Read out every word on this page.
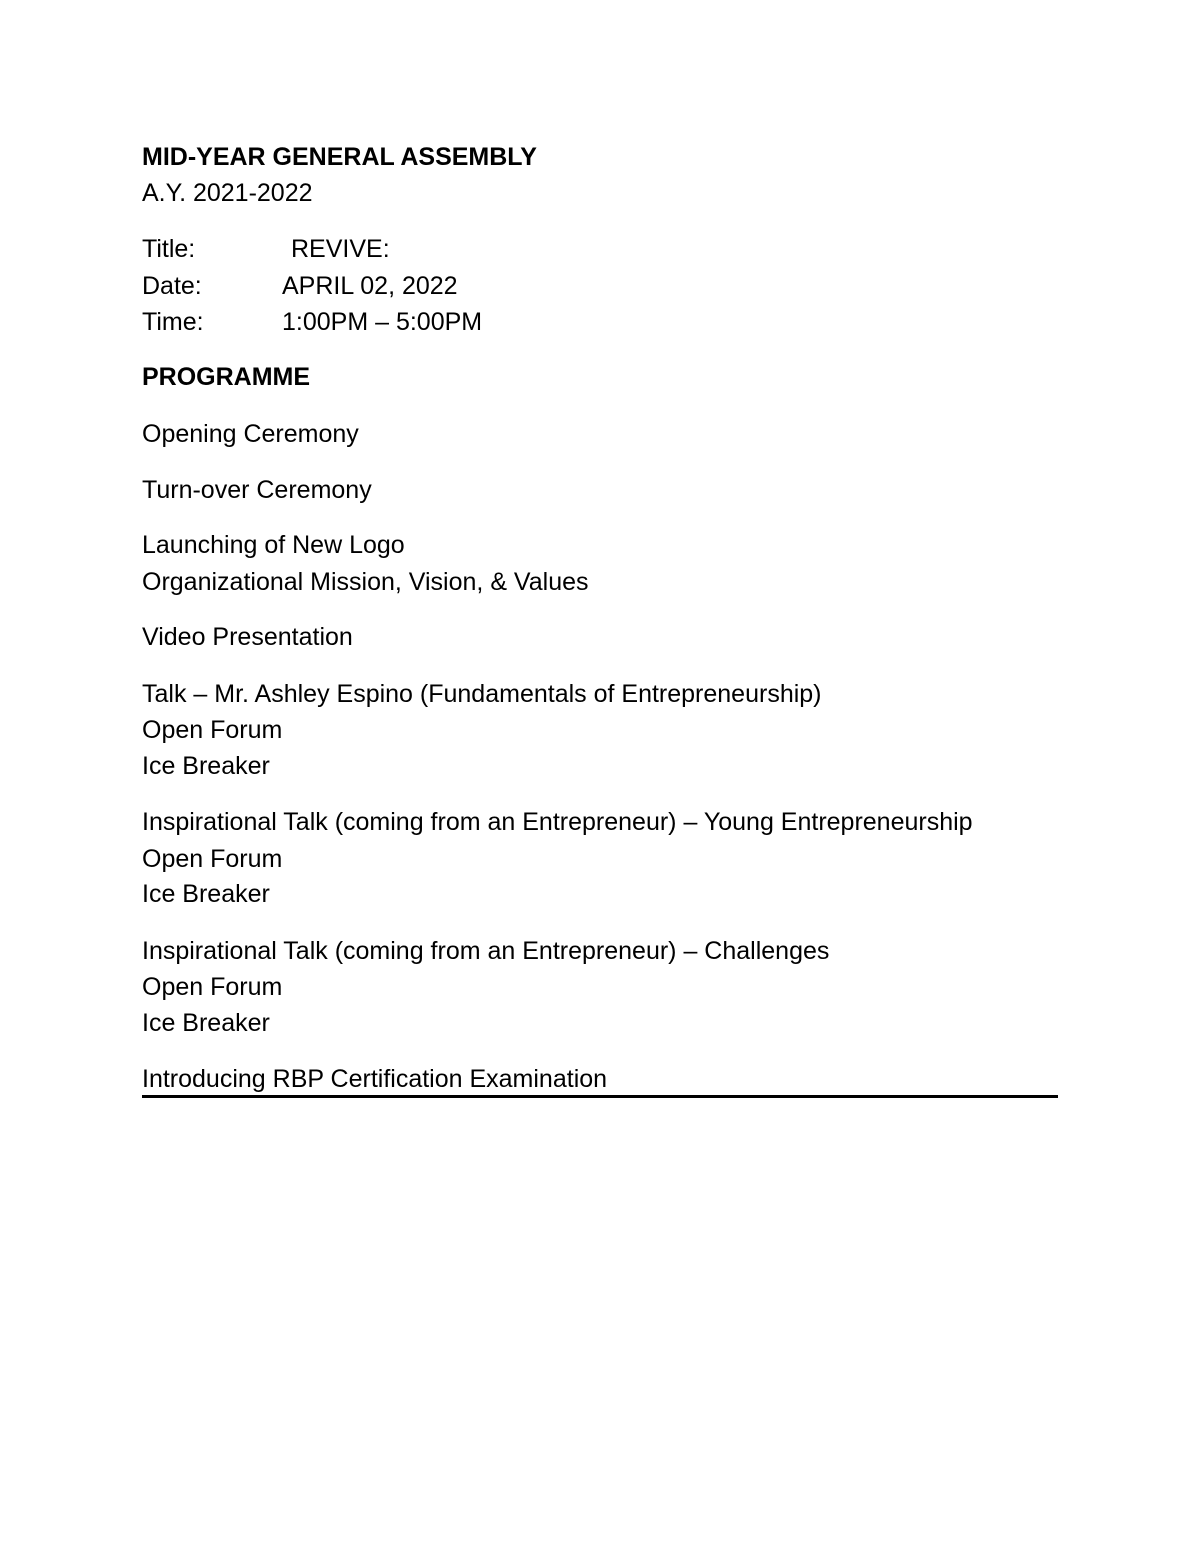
MID-YEAR GENERAL ASSEMBLY
A.Y. 2021-2022
Title:	REVIVE:
Date:	APRIL 02, 2022
Time:	1:00PM – 5:00PM
PROGRAMME
Opening Ceremony
Turn-over Ceremony
Launching of New Logo
Organizational Mission, Vision, & Values
Video Presentation
Talk – Mr. Ashley Espino (Fundamentals of Entrepreneurship)
Open Forum
Ice Breaker
Inspirational Talk (coming from an Entrepreneur) – Young Entrepreneurship
Open Forum
Ice Breaker
Inspirational Talk (coming from an Entrepreneur) – Challenges
Open Forum
Ice Breaker
Introducing RBP Certification Examination
